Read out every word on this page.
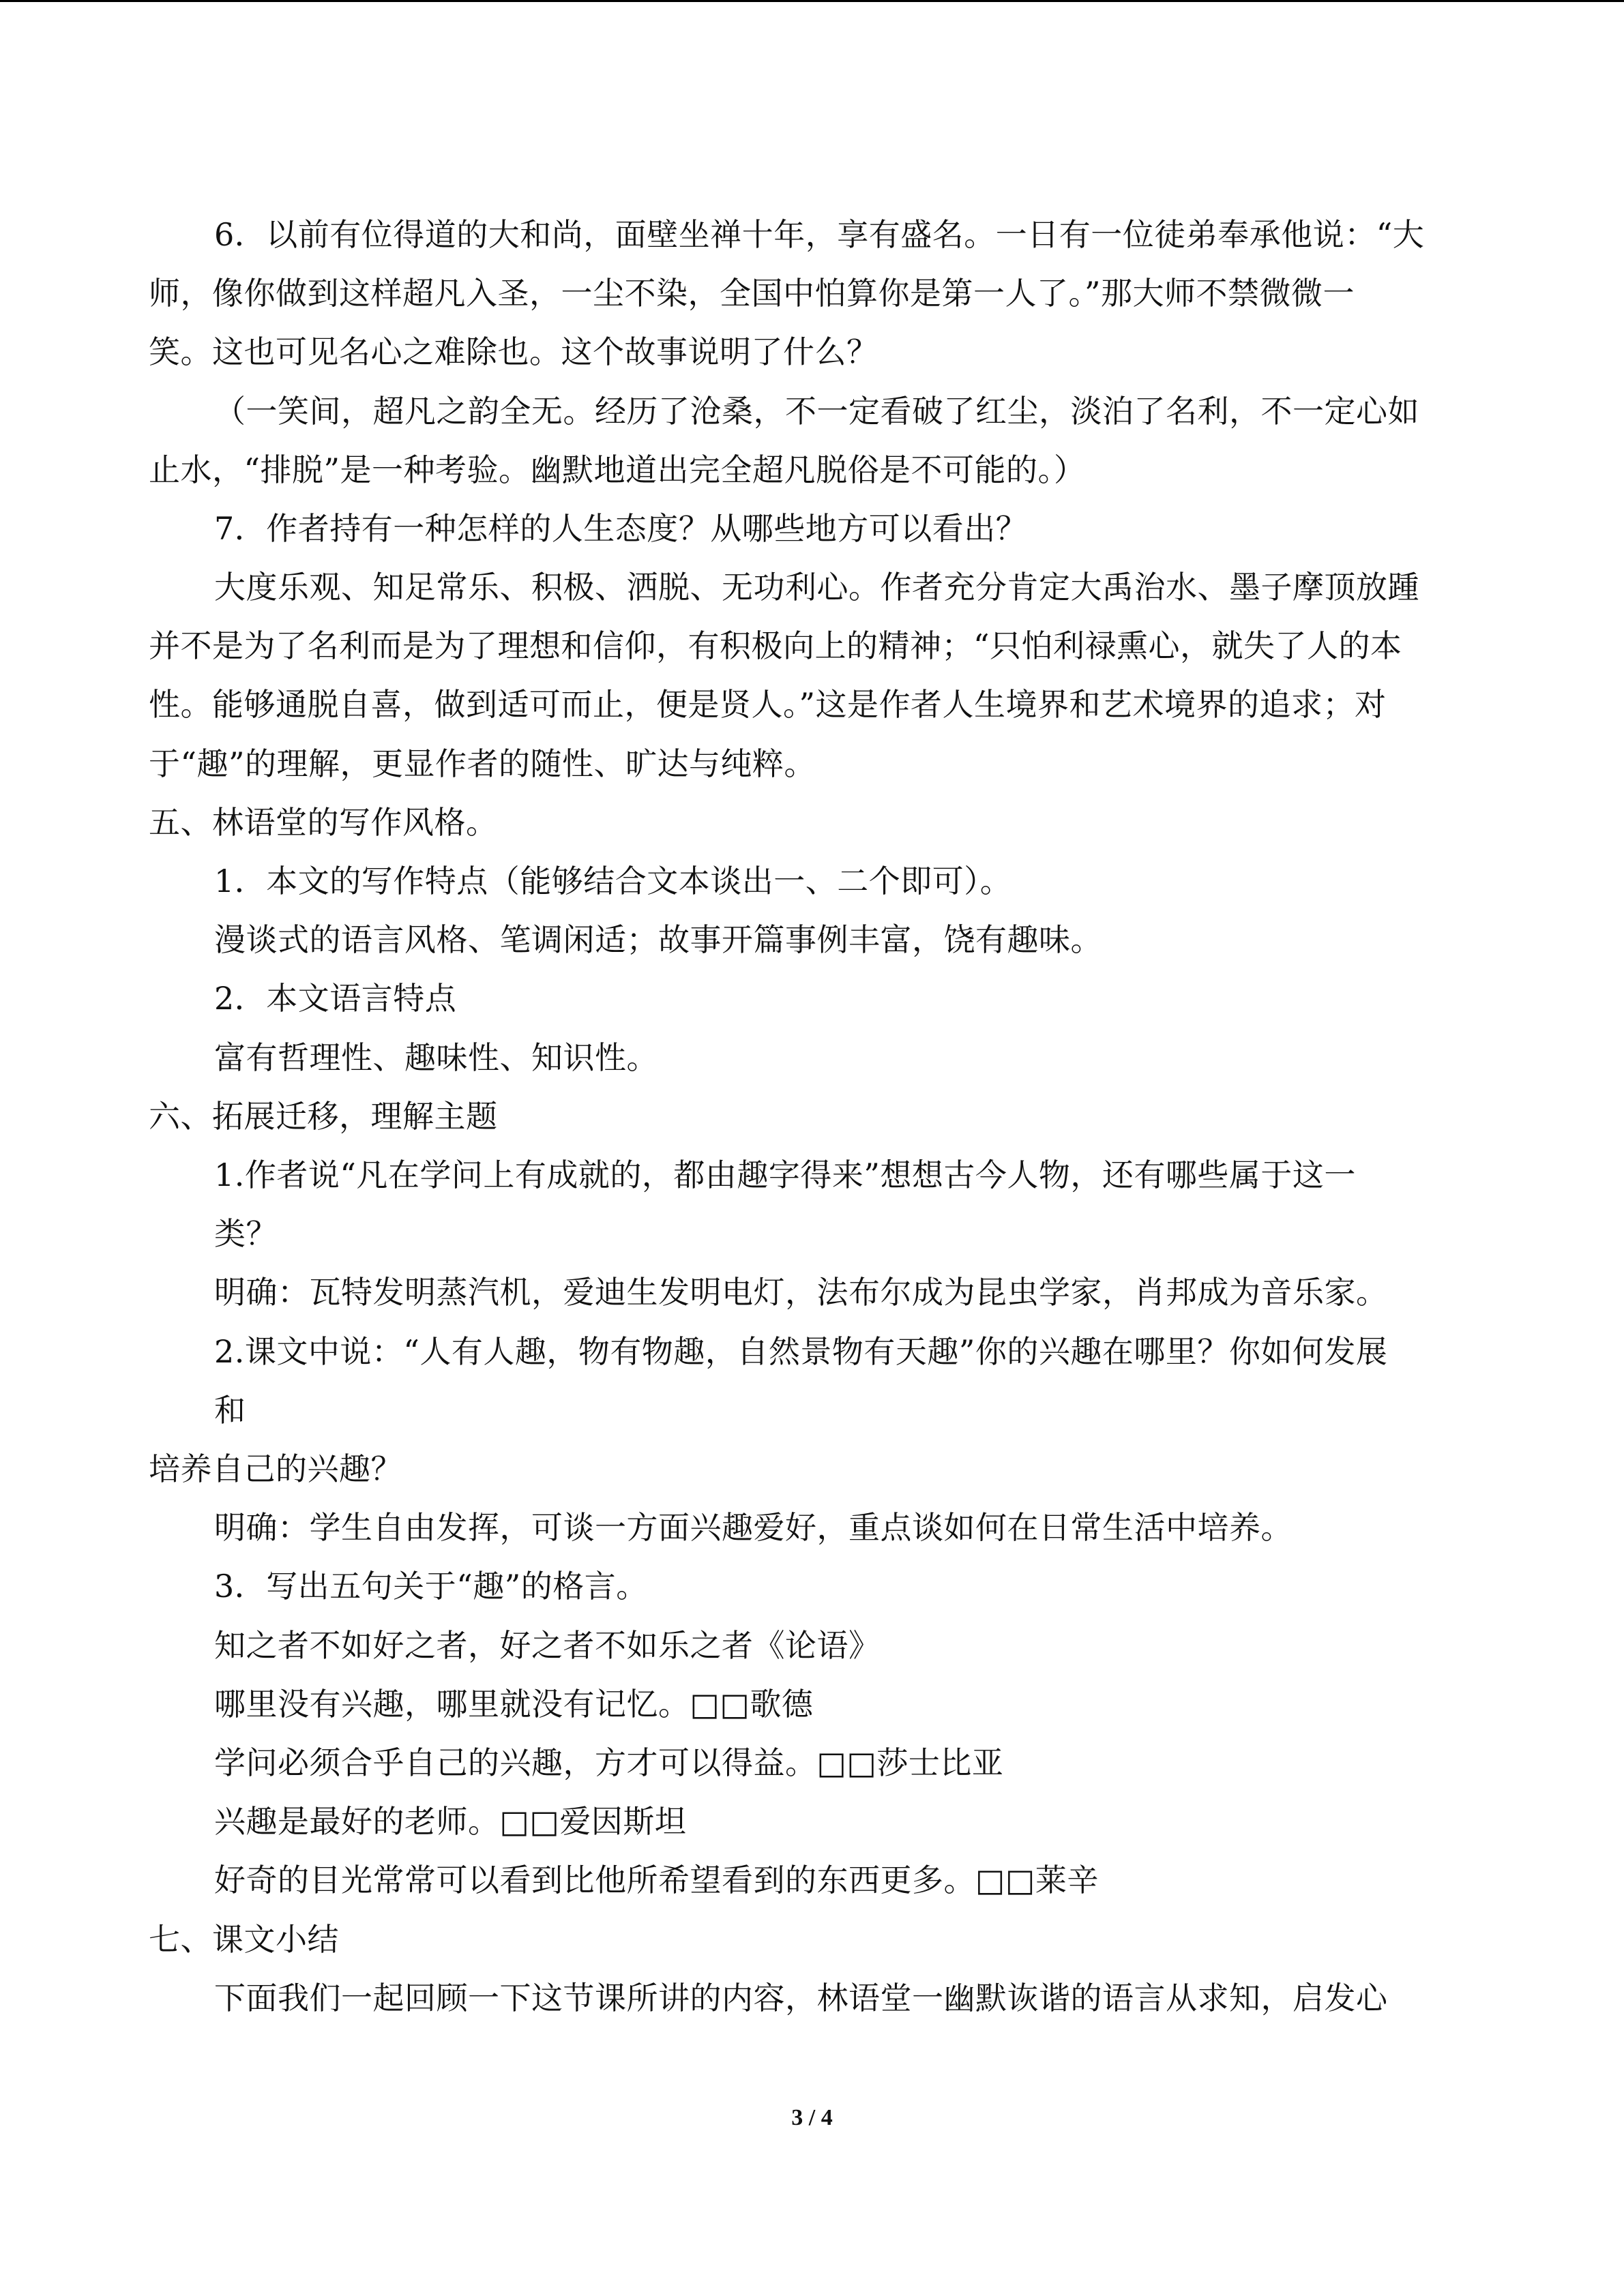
6．以前有位得道的大和尚，面壁坐禅十年，享有盛名。一日有一位徒弟奉承他说：“大
师，像你做到这样超凡入圣，一尘不染，全国中怕算你是第一人了。”那大师不禁微微一
笑。这也可见名心之难除也。这个故事说明了什么？
（一笑间，超凡之韵全无。经历了沧桑，不一定看破了红尘，淡泊了名利，不一定心如
止水，“排脱”是一种考验。幽默地道出完全超凡脱俗是不可能的。）
7．作者持有一种怎样的人生态度？从哪些地方可以看出？
大度乐观、知足常乐、积极、洒脱、无功利心。作者充分肯定大禹治水、墨子摩顶放踵
并不是为了名利而是为了理想和信仰，有积极向上的精神；“只怕利禄熏心，就失了人的本
性。能够通脱自喜，做到适可而止，便是贤人。”这是作者人生境界和艺术境界的追求；对
于“趣”的理解，更显作者的随性、旷达与纯粹。
五、林语堂的写作风格。
1．本文的写作特点（能够结合文本谈出一、二个即可）。
漫谈式的语言风格、笔调闲适；故事开篇事例丰富，饶有趣味。
2．本文语言特点
富有哲理性、趣味性、知识性。
六、拓展迁移，理解主题
1.作者说“凡在学问上有成就的，都由趣字得来”想想古今人物，还有哪些属于这一
类？
明确：瓦特发明蒸汽机，爱迪生发明电灯，法布尔成为昆虫学家，肖邦成为音乐家。
2.课文中说：“人有人趣，物有物趣，自然景物有天趣”你的兴趣在哪里？你如何发展
和
培养自己的兴趣？
明确：学生自由发挥，可谈一方面兴趣爱好，重点谈如何在日常生活中培养。
3．写出五句关于“趣”的格言。
知之者不如好之者，好之者不如乐之者《论语》
哪里没有兴趣，哪里就没有记忆。□□歌德
学问必须合乎自己的兴趣，方才可以得益。□□莎士比亚
兴趣是最好的老师。□□爱因斯坦
好奇的目光常常可以看到比他所希望看到的东西更多。□□莱辛
七、课文小结
下面我们一起回顾一下这节课所讲的内容，林语堂一幽默诙谐的语言从求知，启发心
3 / 4
